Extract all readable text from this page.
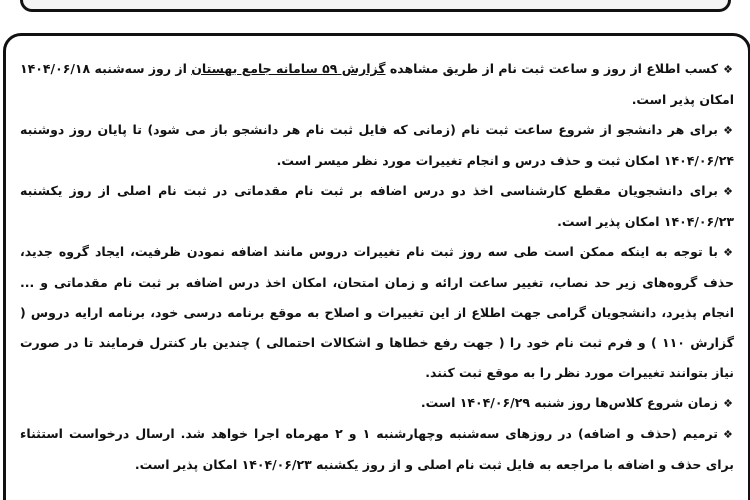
❖کسب اطلاع از روز و ساعت ثبت نام از طریق مشاهده گزارش ۵۹ سامانه جامع بهستان از روز سه‌شنبه ۱۴۰۴/۰۶/۱۸ امکان پذیر است.

❖برای هر دانشجو از شروع ساعت ثبت نام (زمانی که فایل ثبت نام هر دانشجو باز می شود) تا پایان روز دوشنبه ۱۴۰۴/۰۶/۲۴ امکان ثبت و حذف درس و انجام تغییرات مورد نظر میسر است.

❖برای دانشجویان مقطع کارشناسی اخذ دو درس اضافه بر ثبت نام مقدماتی در ثبت نام اصلی از روز یکشنبه ۱۴۰۴/۰۶/۲۳ امکان پذیر است.

❖با توجه به اینکه ممکن است طی سه روز ثبت نام تغییرات دروس مانند اضافه نمودن ظرفیت، ایجاد گروه جدید، حذف گروه‌های زیر حد نصاب، تغییر ساعت ارائه و زمان امتحان، امکان اخذ درس اضافه بر ثبت نام مقدماتی و ... انجام پذیرد، دانشجویان گرامی جهت اطلاع از این تغییرات و اصلاح به موقع برنامه درسی خود، برنامه ارایه دروس ( گزارش ۱۱۰ ) و فرم ثبت نام خود را ( جهت رفع خطاها و اشکالات احتمالی ) چندین بار کنترل فرمایند تا در صورت نیاز بتوانند تغییرات مورد نظر را به موقع ثبت کنند.

❖زمان شروع کلاس‌ها روز شنبه ۱۴۰۴/۰۶/۲۹ است.

❖ترمیم (حذف و اضافه) در روزهای سه‌شنبه وچهارشنبه ۱ و ۲ مهرماه اجرا خواهد شد. ارسال درخواست استثناء برای حذف و اضافه با مراجعه به فایل ثبت نام اصلی و از روز یکشنبه ۱۴۰۴/۰۶/۲۳ امکان پذیر است.
